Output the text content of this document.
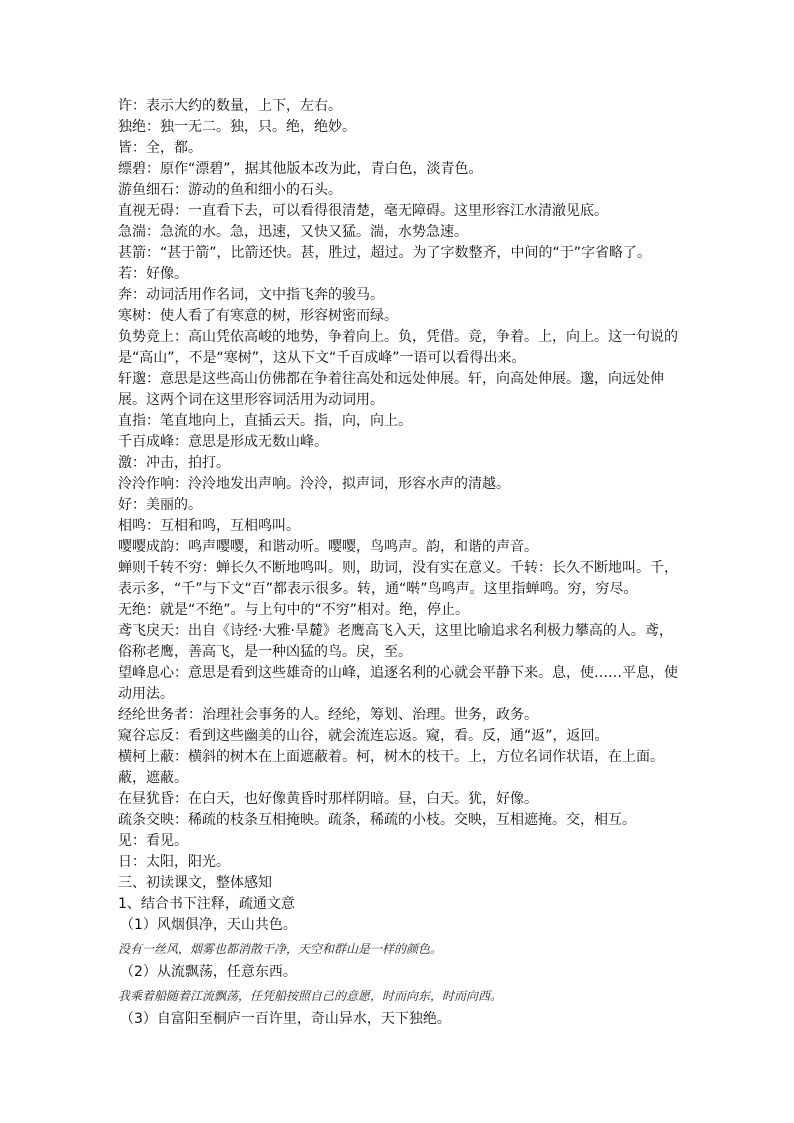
许：表示大约的数量，上下，左右。

独绝：独一无二。独，只。绝，绝妙。

皆：全，都。

缥碧：原作“漂碧”，据其他版本改为此，青白色，淡青色。

游鱼细石：游动的鱼和细小的石头。

直视无碍：一直看下去，可以看得很清楚，毫无障碍。这里形容江水清澈见底。

急湍：急流的水。急，迅速，又快又猛。湍，水势急速。

甚箭：“甚于箭”，比箭还快。甚，胜过，超过。为了字数整齐，中间的“于”字省略了。

若：好像。

奔：动词活用作名词，文中指飞奔的骏马。

寒树：使人看了有寒意的树，形容树密而绿。

负势竞上：高山凭依高峻的地势，争着向上。负，凭借。竞，争着。上，向上。这一句说的是“高山”，不是“寒树”，这从下文“千百成峰”一语可以看得出来。

轩邈：意思是这些高山仿佛都在争着往高处和远处伸展。轩，向高处伸展。邈，向远处伸展。这两个词在这里形容词活用为动词用。

直指：笔直地向上，直插云天。指，向，向上。

千百成峰：意思是形成无数山峰。

激：冲击，拍打。

泠泠作响：泠泠地发出声响。泠泠，拟声词，形容水声的清越。

好：美丽的。

相鸣：互相和鸣，互相鸣叫。

嘤嘤成韵：鸣声嘤嘤，和谐动听。嘤嘤，鸟鸣声。韵，和谐的声音。

蝉则千转不穷：蝉长久不断地鸣叫。则，助词，没有实在意义。千转：长久不断地叫。千，表示多，“千”与下文“百”都表示很多。转，通“啭”鸟鸣声。这里指蝉鸣。穷，穷尽。

无绝：就是“不绝”。与上句中的“不穷”相对。绝，停止。

鸢飞戾天：出自《诗经·大雅·旱麓》老鹰高飞入天，这里比喻追求名利极力攀高的人。鸢，俗称老鹰，善高飞，是一种凶猛的鸟。戾，至。

望峰息心：意思是看到这些雄奇的山峰，追逐名利的心就会平静下来。息，使……平息，使动用法。

经纶世务者：治理社会事务的人。经纶，筹划、治理。世务，政务。

窥谷忘反：看到这些幽美的山谷，就会流连忘返。窥，看。反，通“返”，返回。

横柯上蔽：横斜的树木在上面遮蔽着。柯，树木的枝干。上，方位名词作状语，在上面。蔽，遮蔽。

在昼犹昏：在白天，也好像黄昏时那样阴暗。昼，白天。犹，好像。

疏条交映：稀疏的枝条互相掩映。疏条，稀疏的小枝。交映，互相遮掩。交，相互。

见：看见。

日：太阳，阳光。

三、初读课文，整体感知

1、结合书下注释，疏通文意

（1）风烟俱净，天山共色。

没有一丝风，烟雾也都消散干净，天空和群山是一样的颜色。

（2）从流飘荡，任意东西。

我乘着船随着江流飘荡，任凭船按照自己的意愿，时而向东，时而向西。

（3）自富阳至桐庐一百许里，奇山异水，天下独绝。
